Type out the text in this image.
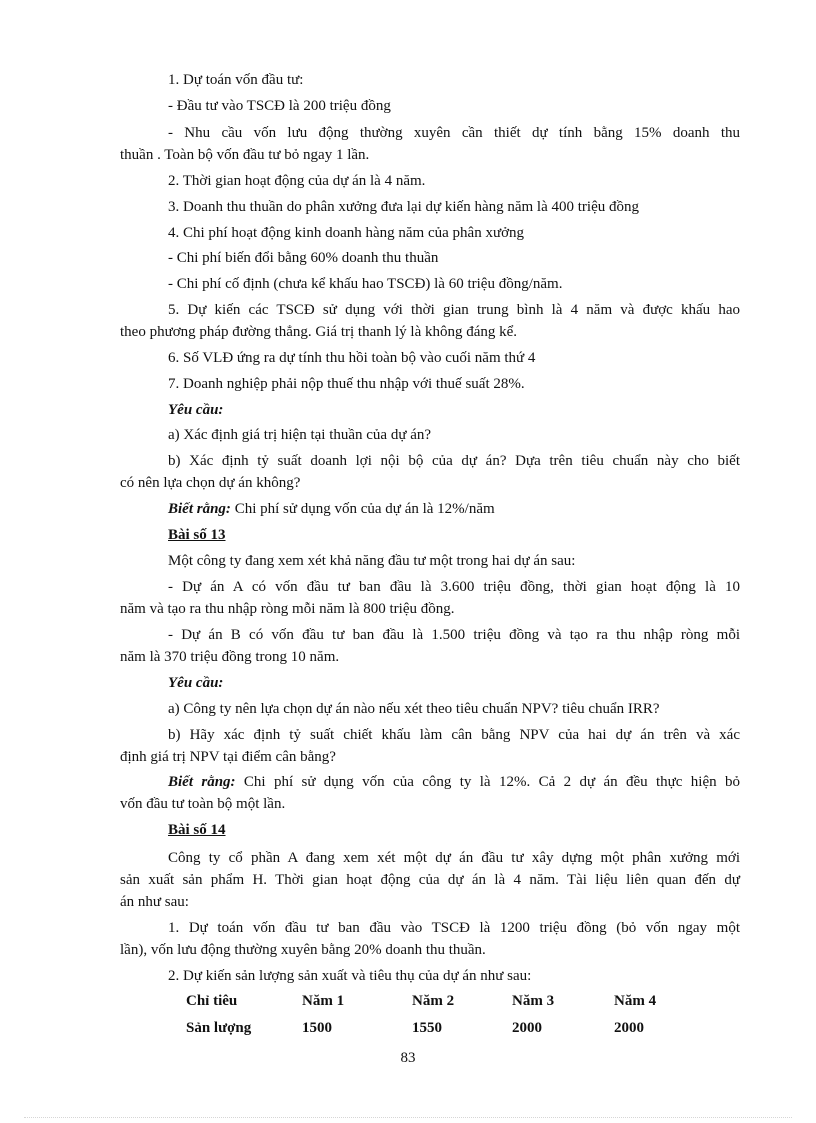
1. Dự toán vốn đầu tư:

- Đầu tư vào TSCĐ là 200 triệu đồng

- Nhu cầu vốn lưu động thường xuyên cần thiết dự tính bằng 15% doanh thu

thuần . Toàn bộ vốn đầu tư bỏ ngay 1 lần.

2. Thời gian hoạt động của dự án là 4 năm.

3. Doanh thu thuần do phân xưởng đưa lại dự kiến hàng năm là 400 triệu đồng

4. Chi phí hoạt động kinh doanh hàng năm của phân xưởng

- Chi phí biến đổi bằng 60% doanh thu thuần

- Chi phí cố định (chưa kể khấu hao TSCĐ) là 60 triệu đồng/năm.

5. Dự kiến các TSCĐ sử dụng với thời gian trung bình là 4 năm và được khấu hao

theo phương pháp đường thẳng. Giá trị thanh lý là không đáng kể.

6. Số VLĐ ứng ra dự tính thu hồi toàn bộ vào cuối năm thứ 4

7. Doanh nghiệp phải nộp thuế thu nhập với thuế suất 28%.

Yêu cầu:

a) Xác định giá trị hiện tại thuần của dự án?

b) Xác định tỷ suất doanh lợi nội bộ của dự án? Dựa trên tiêu chuẩn này cho biết

có nên lựa chọn dự án không?

Biết rằng: Chi phí sử dụng vốn của dự án là 12%/năm

Bài số 13

Một công ty đang xem xét khả năng đầu tư một trong hai dự án sau:

- Dự án A có vốn đầu tư ban đầu là 3.600 triệu đồng, thời gian hoạt động là 10

năm và tạo ra thu nhập ròng mỗi năm là 800 triệu đồng.

- Dự án B có vốn đầu tư ban đầu là 1.500 triệu đồng và tạo ra thu nhập ròng mỗi

năm là 370 triệu đồng trong 10 năm.

Yêu cầu:

a) Công ty nên lựa chọn dự án nào nếu xét theo tiêu chuẩn NPV? tiêu chuẩn IRR?

b) Hãy xác định tỷ suất chiết khấu làm cân bằng NPV của hai dự án trên và xác

định giá trị NPV tại điểm cân bằng?

Biết rằng: Chi phí sử dụng vốn của công ty là 12%. Cả 2 dự án đều thực hiện bỏ

vốn đầu tư toàn bộ một lần.

Bài số 14

Công ty cổ phần A đang xem xét một dự án đầu tư xây dựng một phân xưởng mới

sản xuất sản phẩm H. Thời gian hoạt động của dự án là 4 năm. Tài liệu liên quan đến dự

án như sau:

1. Dự toán vốn đầu tư ban đầu vào TSCĐ là 1200 triệu đồng (bỏ vốn ngay một

lần), vốn lưu động thường xuyên bằng 20% doanh thu thuần.

2. Dự kiến sản lượng sản xuất và tiêu thụ của dự án như sau:

Chỉ tiêu	Năm 1	Năm 2	Năm 3	Năm 4
Sản lượng	1500	1550	2000	2000
83
